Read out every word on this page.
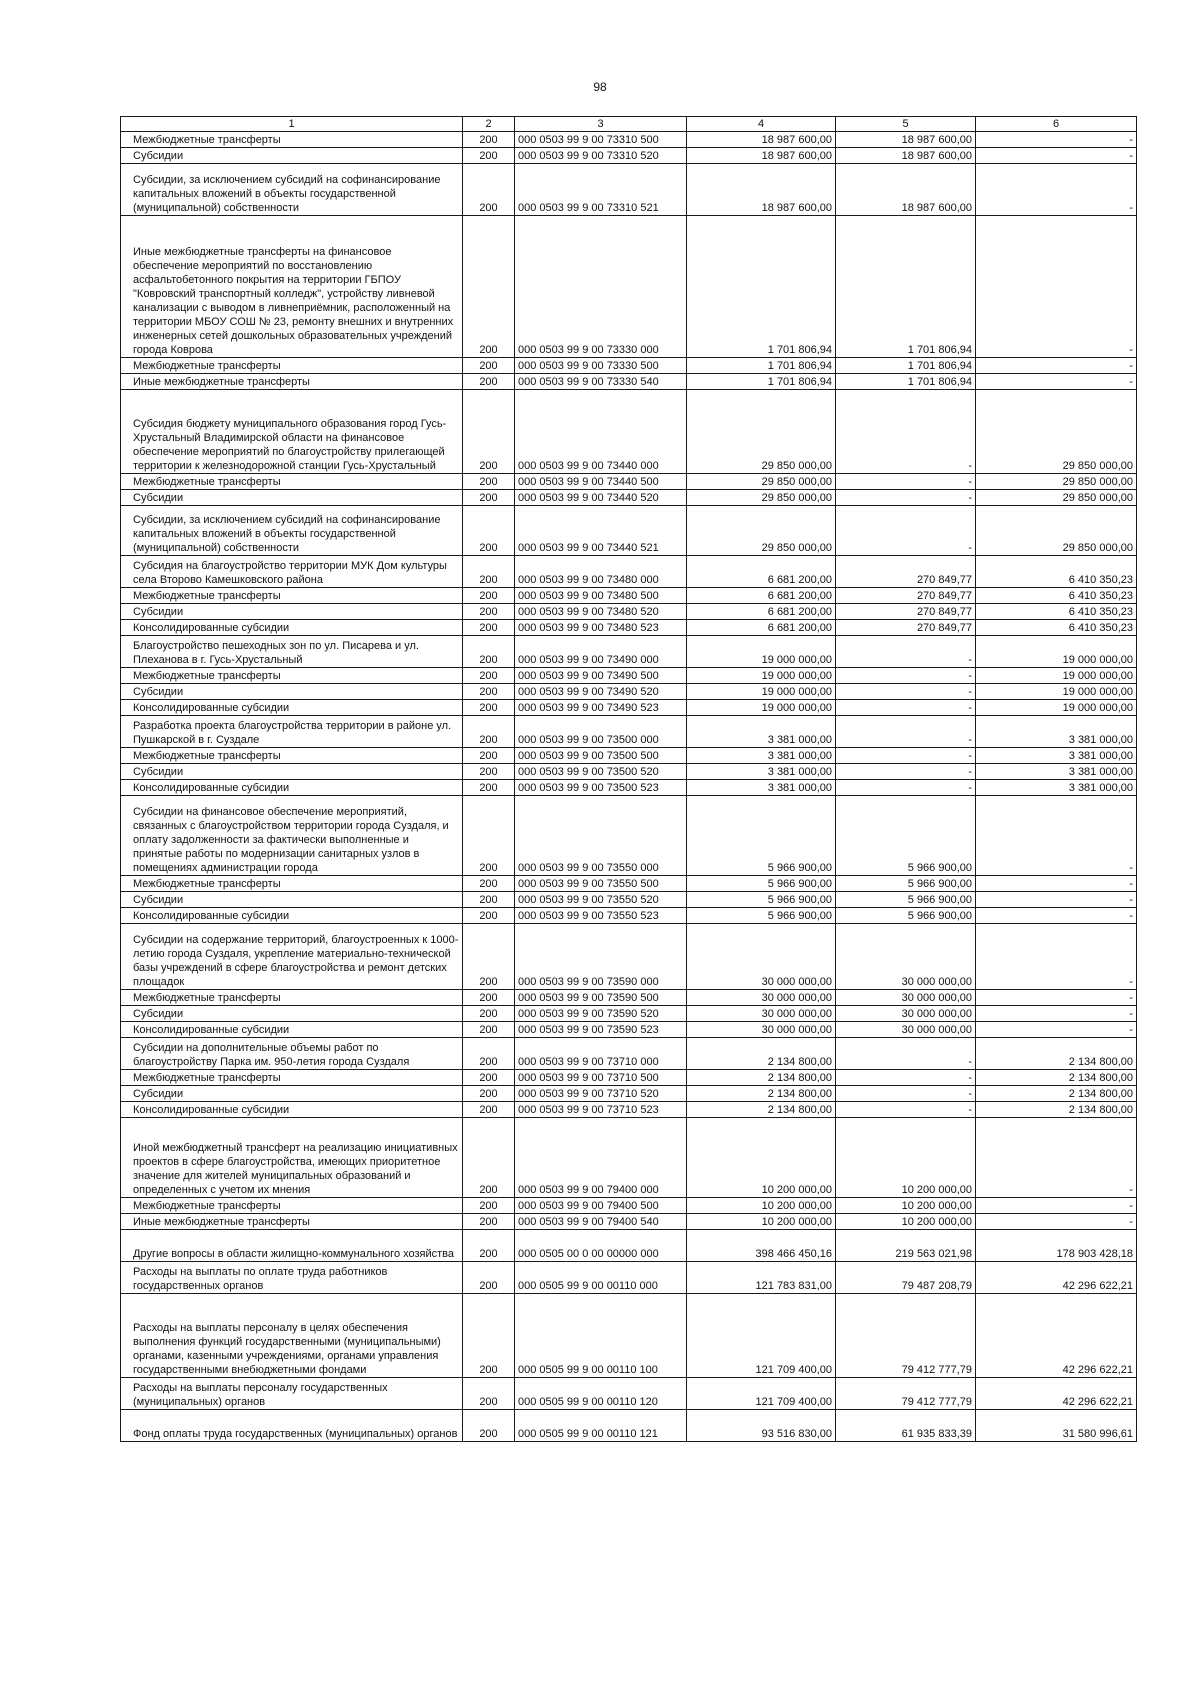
98
1	2	3	4	5	6
Межбюджетные трансферты	200	000 0503 99 9 00 73310 500	18 987 600,00	18 987 600,00	-
Субсидии	200	000 0503 99 9 00 73310 520	18 987 600,00	18 987 600,00	-
Субсидии, за исключением субсидий на софинансирование капитальных вложений в объекты государственной (муниципальной) собственности	200	000 0503 99 9 00 73310 521	18 987 600,00	18 987 600,00	-
Иные межбюджетные трансферты на финансовое обеспечение мероприятий по восстановлению асфальтобетонного покрытия на территории ГБПОУ "Ковровский транспортный колледж", устройству ливневой канализации с выводом в ливнеприёмник, расположенный на территории МБОУ СОШ № 23, ремонту внешних и внутренних инженерных сетей дошкольных образовательных учреждений города Коврова	200	000 0503 99 9 00 73330 000	1 701 806,94	1 701 806,94	-
Межбюджетные трансферты	200	000 0503 99 9 00 73330 500	1 701 806,94	1 701 806,94	-
Иные межбюджетные трансферты	200	000 0503 99 9 00 73330 540	1 701 806,94	1 701 806,94	-
Субсидия бюджету муниципального образования город Гусь-Хрустальный Владимирской области на финансовое обеспечение мероприятий по благоустройству прилегающей территории к железнодорожной станции Гусь-Хрустальный	200	000 0503 99 9 00 73440 000	29 850 000,00	-	29 850 000,00
Межбюджетные трансферты	200	000 0503 99 9 00 73440 500	29 850 000,00	-	29 850 000,00
Субсидии	200	000 0503 99 9 00 73440 520	29 850 000,00	-	29 850 000,00
Субсидии, за исключением субсидий на софинансирование капитальных вложений в объекты государственной (муниципальной) собственности	200	000 0503 99 9 00 73440 521	29 850 000,00	-	29 850 000,00
Субсидия на благоустройство территории МУК Дом культуры села Второво Камешковского района	200	000 0503 99 9 00 73480 000	6 681 200,00	270 849,77	6 410 350,23
Межбюджетные трансферты	200	000 0503 99 9 00 73480 500	6 681 200,00	270 849,77	6 410 350,23
Субсидии	200	000 0503 99 9 00 73480 520	6 681 200,00	270 849,77	6 410 350,23
Консолидированные субсидии	200	000 0503 99 9 00 73480 523	6 681 200,00	270 849,77	6 410 350,23
Благоустройство пешеходных зон по ул. Писарева и ул. Плеханова в г. Гусь-Хрустальный	200	000 0503 99 9 00 73490 000	19 000 000,00	-	19 000 000,00
Межбюджетные трансферты	200	000 0503 99 9 00 73490 500	19 000 000,00	-	19 000 000,00
Субсидии	200	000 0503 99 9 00 73490 520	19 000 000,00	-	19 000 000,00
Консолидированные субсидии	200	000 0503 99 9 00 73490 523	19 000 000,00	-	19 000 000,00
Разработка проекта благоустройства территории в районе ул. Пушкарской в г. Суздале	200	000 0503 99 9 00 73500 000	3 381 000,00	-	3 381 000,00
Межбюджетные трансферты	200	000 0503 99 9 00 73500 500	3 381 000,00	-	3 381 000,00
Субсидии	200	000 0503 99 9 00 73500 520	3 381 000,00	-	3 381 000,00
Консолидированные субсидии	200	000 0503 99 9 00 73500 523	3 381 000,00	-	3 381 000,00
Субсидии на финансовое обеспечение мероприятий, связанных с благоустройством территории города Суздаля, и оплату задолженности за фактически выполненные и принятые работы по модернизации санитарных узлов в помещениях администрации города	200	000 0503 99 9 00 73550 000	5 966 900,00	5 966 900,00	-
Межбюджетные трансферты	200	000 0503 99 9 00 73550 500	5 966 900,00	5 966 900,00	-
Субсидии	200	000 0503 99 9 00 73550 520	5 966 900,00	5 966 900,00	-
Консолидированные субсидии	200	000 0503 99 9 00 73550 523	5 966 900,00	5 966 900,00	-
Субсидии на содержание территорий, благоустроенных к 1000-летию города Суздаля, укрепление материально-технической базы учреждений в сфере благоустройства и ремонт детских площадок	200	000 0503 99 9 00 73590 000	30 000 000,00	30 000 000,00	-
Межбюджетные трансферты	200	000 0503 99 9 00 73590 500	30 000 000,00	30 000 000,00	-
Субсидии	200	000 0503 99 9 00 73590 520	30 000 000,00	30 000 000,00	-
Консолидированные субсидии	200	000 0503 99 9 00 73590 523	30 000 000,00	30 000 000,00	-
Субсидии на дополнительные объемы работ по благоустройству Парка им. 950-летия города Суздаля	200	000 0503 99 9 00 73710 000	2 134 800,00	-	2 134 800,00
Межбюджетные трансферты	200	000 0503 99 9 00 73710 500	2 134 800,00	-	2 134 800,00
Субсидии	200	000 0503 99 9 00 73710 520	2 134 800,00	-	2 134 800,00
Консолидированные субсидии	200	000 0503 99 9 00 73710 523	2 134 800,00	-	2 134 800,00
Иной межбюджетный трансферт на реализацию инициативных проектов в сфере благоустройства, имеющих приоритетное значение для жителей муниципальных образований и определенных с учетом их мнения	200	000 0503 99 9 00 79400 000	10 200 000,00	10 200 000,00	-
Межбюджетные трансферты	200	000 0503 99 9 00 79400 500	10 200 000,00	10 200 000,00	-
Иные межбюджетные трансферты	200	000 0503 99 9 00 79400 540	10 200 000,00	10 200 000,00	-
Другие вопросы в области жилищно-коммунального хозяйства	200	000 0505 00 0 00 00000 000	398 466 450,16	219 563 021,98	178 903 428,18
Расходы на выплаты по оплате труда работников государственных органов	200	000 0505 99 9 00 00110 000	121 783 831,00	79 487 208,79	42 296 622,21
Расходы на выплаты персоналу в целях обеспечения выполнения функций государственными (муниципальными) органами, казенными учреждениями, органами управления государственными внебюджетными фондами	200	000 0505 99 9 00 00110 100	121 709 400,00	79 412 777,79	42 296 622,21
Расходы на выплаты персоналу государственных (муниципальных) органов	200	000 0505 99 9 00 00110 120	121 709 400,00	79 412 777,79	42 296 622,21
Фонд оплаты труда государственных (муниципальных) органов	200	000 0505 99 9 00 00110 121	93 516 830,00	61 935 833,39	31 580 996,61
